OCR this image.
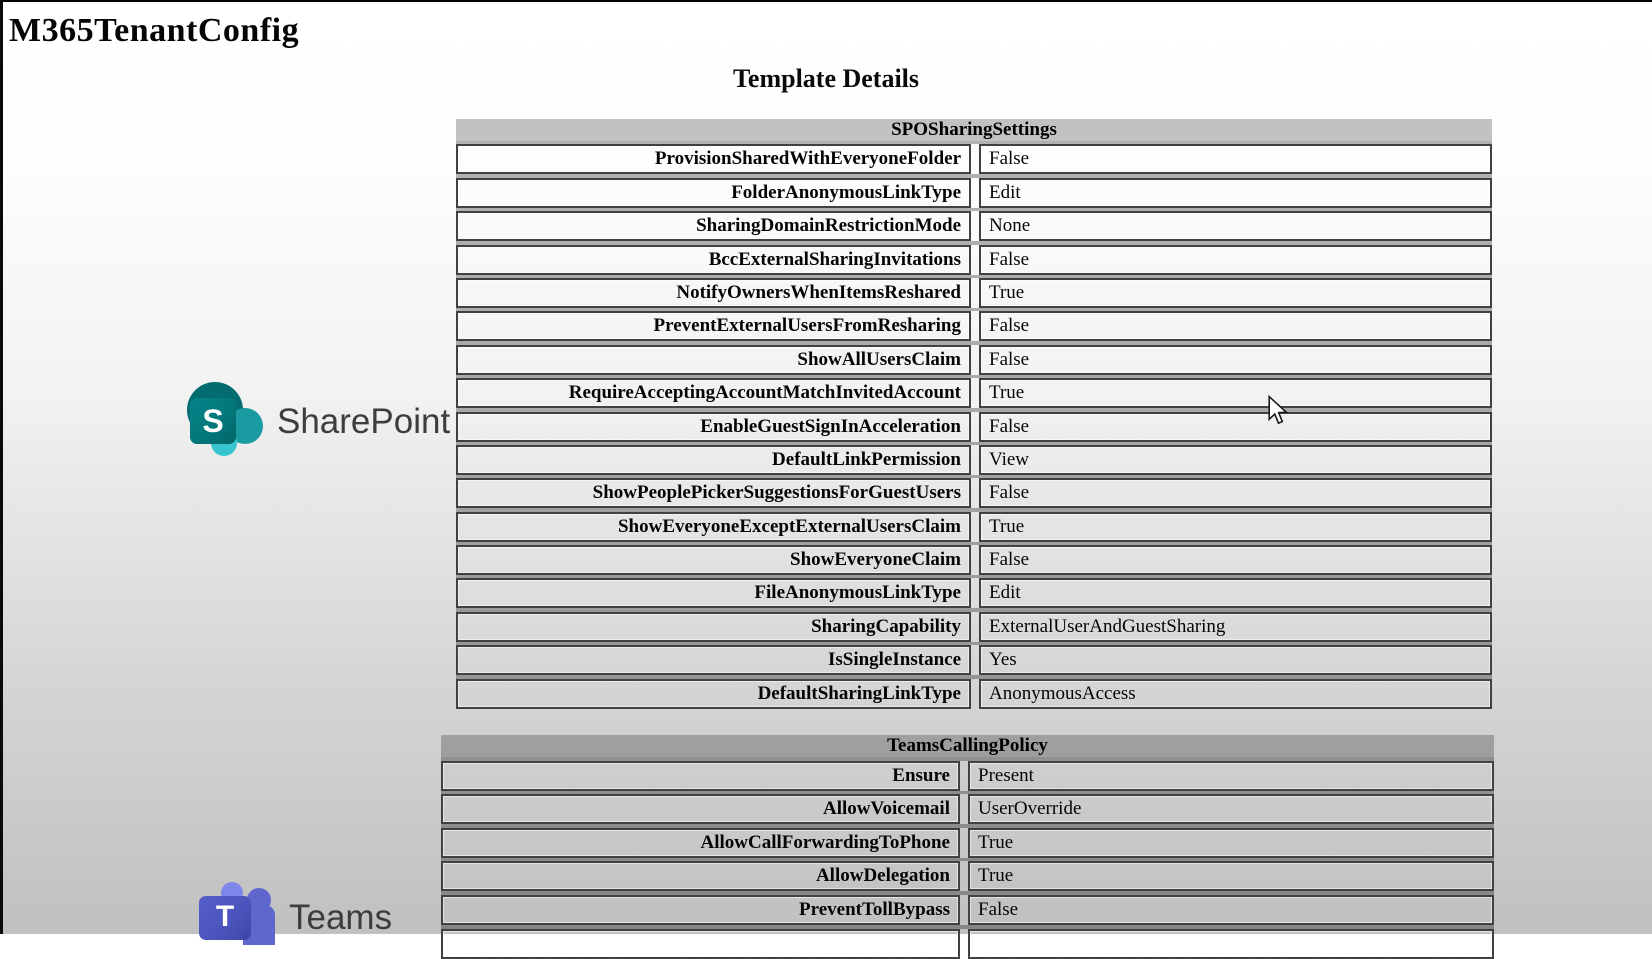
M365TenantConfig
Template Details
S	SharePoint

T	Teams

SPOSharingSettings
ProvisionSharedWithEveryoneFolder	False
FolderAnonymousLinkType	Edit
SharingDomainRestrictionMode	None
BccExternalSharingInvitations	False
NotifyOwnersWhenItemsReshared	True
PreventExternalUsersFromResharing	False
ShowAllUsersClaim	False
RequireAcceptingAccountMatchInvitedAccount	True
EnableGuestSignInAcceleration	False
DefaultLinkPermission	View
ShowPeoplePickerSuggestionsForGuestUsers	False
ShowEveryoneExceptExternalUsersClaim	True
ShowEveryoneClaim	False
FileAnonymousLinkType	Edit
SharingCapability	ExternalUserAndGuestSharing
IsSingleInstance	Yes
DefaultSharingLinkType	AnonymousAccess
TeamsCallingPolicy
Ensure	Present
AllowVoicemail	UserOverride
AllowCallForwardingToPhone	True
AllowDelegation	True
PreventTollBypass	False
